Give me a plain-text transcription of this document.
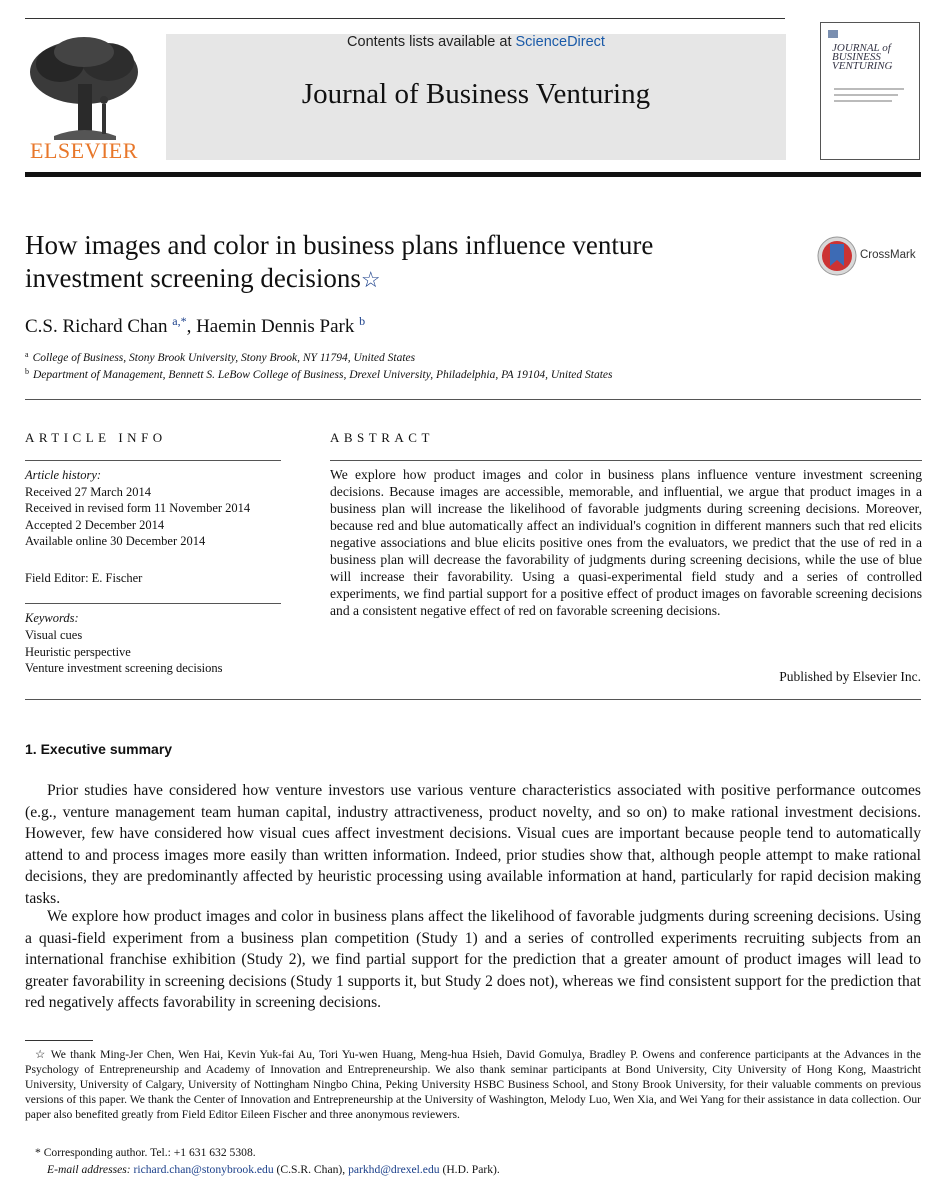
ELSEVIER
Contents lists available at ScienceDirect
Journal of Business Venturing
JOURNAL of BUSINESS VENTURING
How images and color in business plans influence venture investment screening decisions☆
CrossMark
C.S. Richard Chan $^{a,*}$, Haemin Dennis Park $^b$
$^a$ College of Business, Stony Brook University, Stony Brook, NY 11794, United States
$^b$ Department of Management, Bennett S. LeBow College of Business, Drexel University, Philadelphia, PA 19104, United States
ARTICLE INFO
Article history:
Received 27 March 2014
Received in revised form 11 November 2014
Accepted 2 December 2014
Available online 30 December 2014
Field Editor: E. Fischer
Keywords:
Visual cues
Heuristic perspective
Venture investment screening decisions
ABSTRACT
We explore how product images and color in business plans influence venture investment screening decisions. Because images are accessible, memorable, and influential, we argue that product images in a business plan will increase the likelihood of favorable judgments during screening decisions. Moreover, because red and blue automatically affect an individual's cognition in different manners such that red elicits negative associations and blue elicits positive ones from the evaluators, we predict that the use of red in a business plan will decrease the favorability of judgments during screening decisions, while the use of blue will increase their favorability. Using a quasi-experimental field study and a series of controlled experiments, we find partial support for a positive effect of product images on favorable screening decisions and a consistent negative effect of red on favorable screening decisions.
Published by Elsevier Inc.
1. Executive summary
Prior studies have considered how venture investors use various venture characteristics associated with positive performance outcomes (e.g., venture management team human capital, industry attractiveness, product novelty, and so on) to make rational investment decisions. However, few have considered how visual cues affect investment decisions. Visual cues are important because people tend to automatically attend to and process images more easily than written information. Indeed, prior studies show that, although people attempt to make rational decisions, they are predominantly affected by heuristic processing using available information at hand, particularly for rapid decision making tasks.
We explore how product images and color in business plans affect the likelihood of favorable judgments during screening decisions. Using a quasi-field experiment from a business plan competition (Study 1) and a series of controlled experiments recruiting subjects from an international franchise exhibition (Study 2), we find partial support for the prediction that a greater amount of product images will lead to greater favorability in screening decisions (Study 1 supports it, but Study 2 does not), whereas we find consistent support for the prediction that red negatively affects favorability in screening decisions.
☆ We thank Ming-Jer Chen, Wen Hai, Kevin Yuk-fai Au, Tori Yu-wen Huang, Meng-hua Hsieh, David Gomulya, Bradley P. Owens and conference participants at the Advances in the Psychology of Entrepreneurship and Academy of Innovation and Entrepreneurship. We also thank seminar participants at Bond University, City University of Hong Kong, Maastricht University, University of Calgary, University of Nottingham Ningbo China, Peking University HSBC Business School, and Stony Brook University, for their valuable comments on previous versions of this paper. We thank the Center of Innovation and Entrepreneurship at the University of Washington, Melody Luo, Wen Xia, and Wei Yang for their assistance in data collection. Our paper also benefited greatly from Field Editor Eileen Fischer and three anonymous reviewers.
* Corresponding author. Tel.: +1 631 632 5308.
E-mail addresses: richard.chan@stonybrook.edu (C.S.R. Chan), parkhd@drexel.edu (H.D. Park).
